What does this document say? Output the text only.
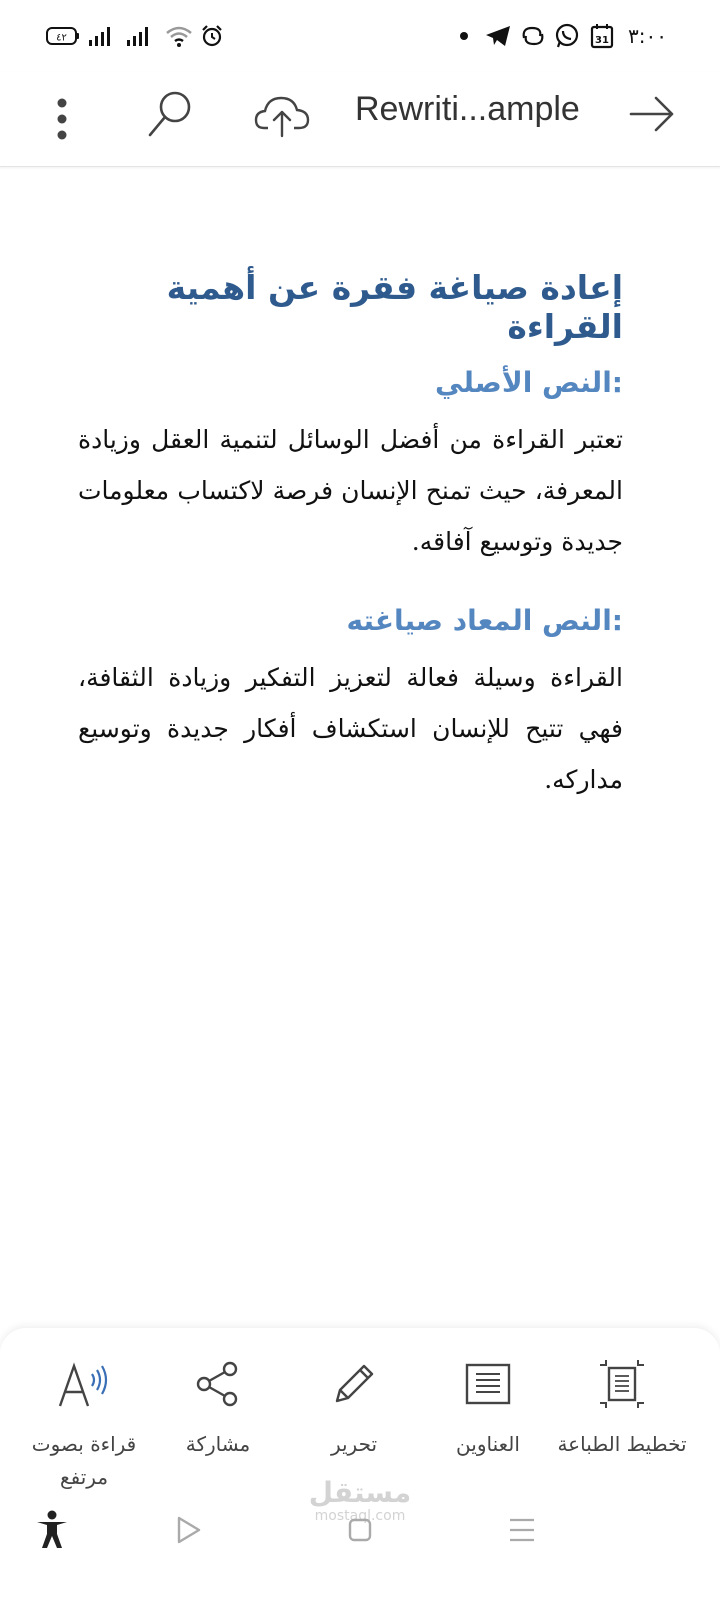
٤٢	31 ٣:٠٠
Rewriti...ample
إعادة صياغة فقرة عن أهمية القراءة
:النص الأصلي
تعتبر القراءة من أفضل الوسائل لتنمية العقل وزيادة المعرفة، حيث تمنح الإنسان فرصة لاكتساب معلومات جديدة وتوسيع آفاقه.
:النص المعاد صياغته
القراءة وسيلة فعالة لتعزيز التفكير وزيادة الثقافة، فهي تتيح للإنسان استكشاف أفكار جديدة وتوسيع مداركه.
قراءة بصوت مرتفع
مشاركة	تحرير	العناوين	تخطيط الطباعة
مستقل
mostaql.com
